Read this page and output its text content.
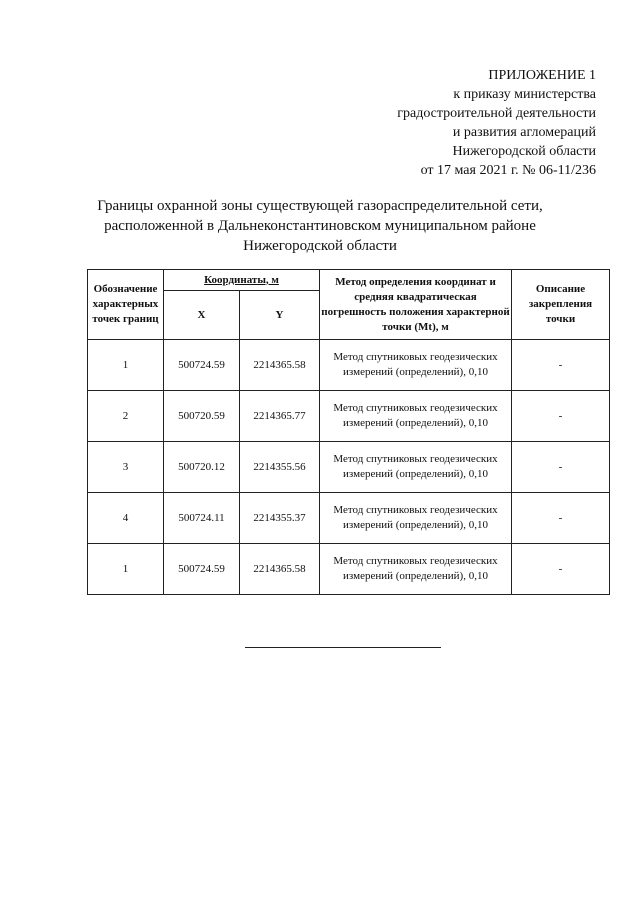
ПРИЛОЖЕНИЕ 1
к приказу министерства
градостроительной деятельности
и развития агломераций
Нижегородской области
от 17 мая 2021 г. № 06-11/236
Границы охранной зоны существующей газораспределительной сети,
расположенной в Дальнеконстантиновском муниципальном районе
Нижегородской области
Обозначение характерных точек границ	Координаты, м		Метод определения координат и средняя квадратическая погрешность положения характерной точки (Mt), м	Описание закрепления точки
	X	Y		
1	500724.59	2214365.58	Метод спутниковых геодезических измерений (определений), 0,10	-
2	500720.59	2214365.77	Метод спутниковых геодезических измерений (определений), 0,10	-
3	500720.12	2214355.56	Метод спутниковых геодезических измерений (определений), 0,10	-
4	500724.11	2214355.37	Метод спутниковых геодезических измерений (определений), 0,10	-
1	500724.59	2214365.58	Метод спутниковых геодезических измерений (определений), 0,10	-
